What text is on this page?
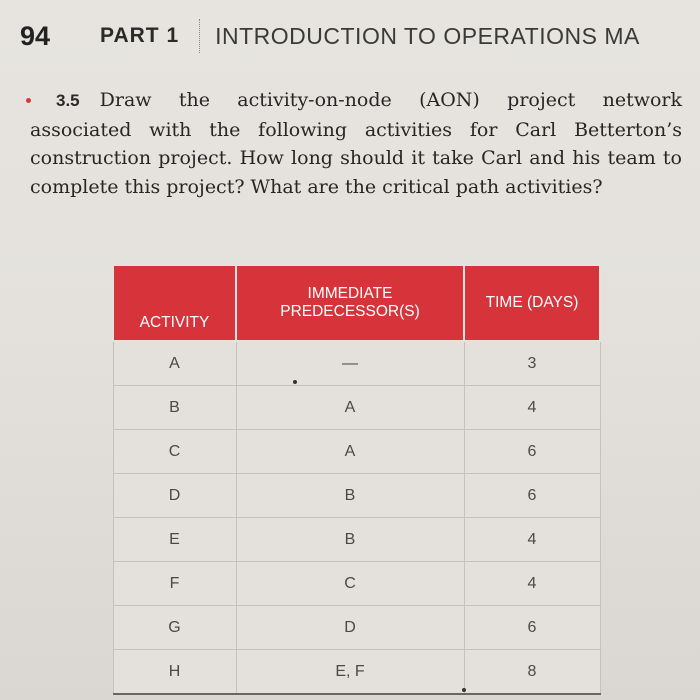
94	PART 1 INTRODUCTION TO OPERATIONS MA
3.5 Draw the activity-on-node (AON) project network associated with the following activities for Carl Betterton’s construction project. How long should it take Carl and his team to complete this project? What are the critical path activities?
ACTIVITY	IMMEDIATE PREDECESSOR(S)	TIME (DAYS)
A	—	3
B	A	4
C	A	6
D	B	6
E	B	4
F	C	4
G	D	6
H	E, F	8
